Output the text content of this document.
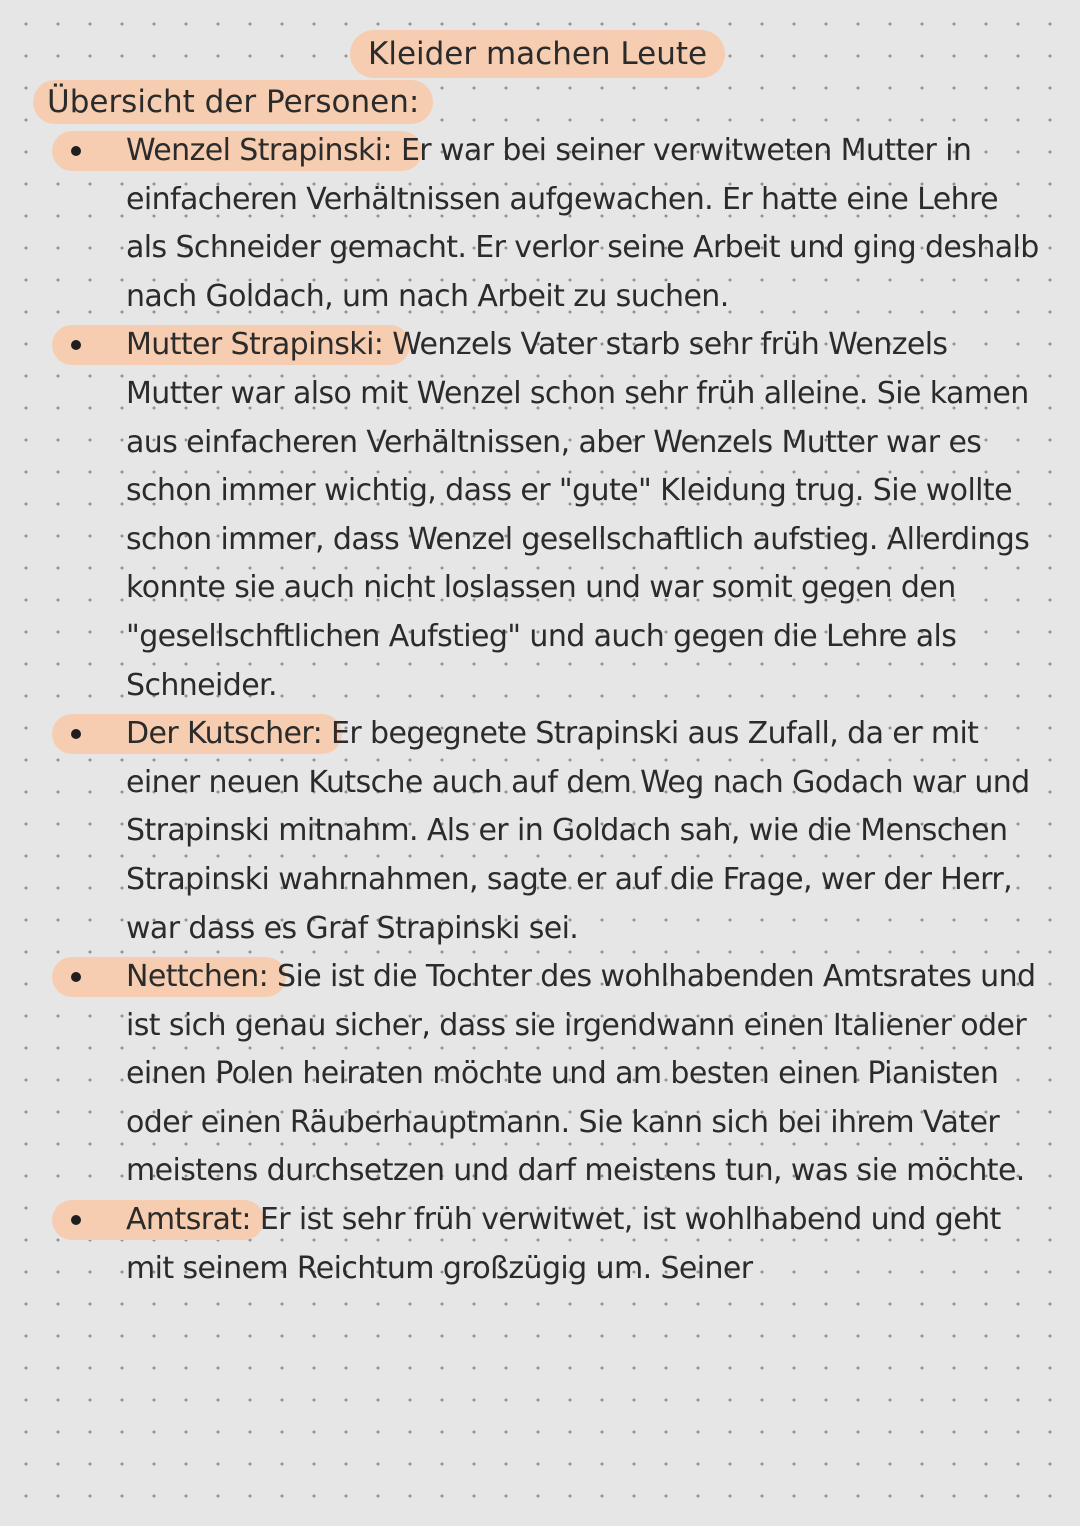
Kleider machen Leute
Übersicht der Personen:
Wenzel Strapinski: Er war bei seiner verwitweten Mutter in einfacheren Verhältnissen aufgewachen. Er hatte eine Lehre als Schneider gemacht. Er verlor seine Arbeit und ging deshalb nach Goldach, um nach Arbeit zu suchen.
Mutter Strapinski: Wenzels Vater starb sehr früh Wenzels Mutter war also mit Wenzel schon sehr früh alleine. Sie kamen aus einfacheren Verhältnissen, aber Wenzels Mutter war es schon immer wichtig, dass er "gute" Kleidung trug. Sie wollte schon immer, dass Wenzel gesellschaftlich aufstieg. Allerdings konnte sie auch nicht loslassen und war somit gegen den "gesellschftlichen Aufstieg" und auch gegen die Lehre als Schneider.
Der Kutscher: Er begegnete Strapinski aus Zufall, da er mit einer neuen Kutsche auch auf dem Weg nach Godach war und Strapinski mitnahm. Als er in Goldach sah, wie die Menschen Strapinski wahrnahmen, sagte er auf die Frage, wer der Herr, war dass es Graf Strapinski sei.
Nettchen: Sie ist die Tochter des wohlhabenden Amtsrates und ist sich genau sicher, dass sie irgendwann einen Italiener oder einen Polen heiraten möchte und am besten einen Pianisten oder einen Räuberhauptmann. Sie kann sich bei ihrem Vater meistens durchsetzen und darf meistens tun, was sie möchte.
Amtsrat: Er ist sehr früh verwitwet, ist wohlhabend und geht mit seinem Reichtum großzügig um. Seiner
